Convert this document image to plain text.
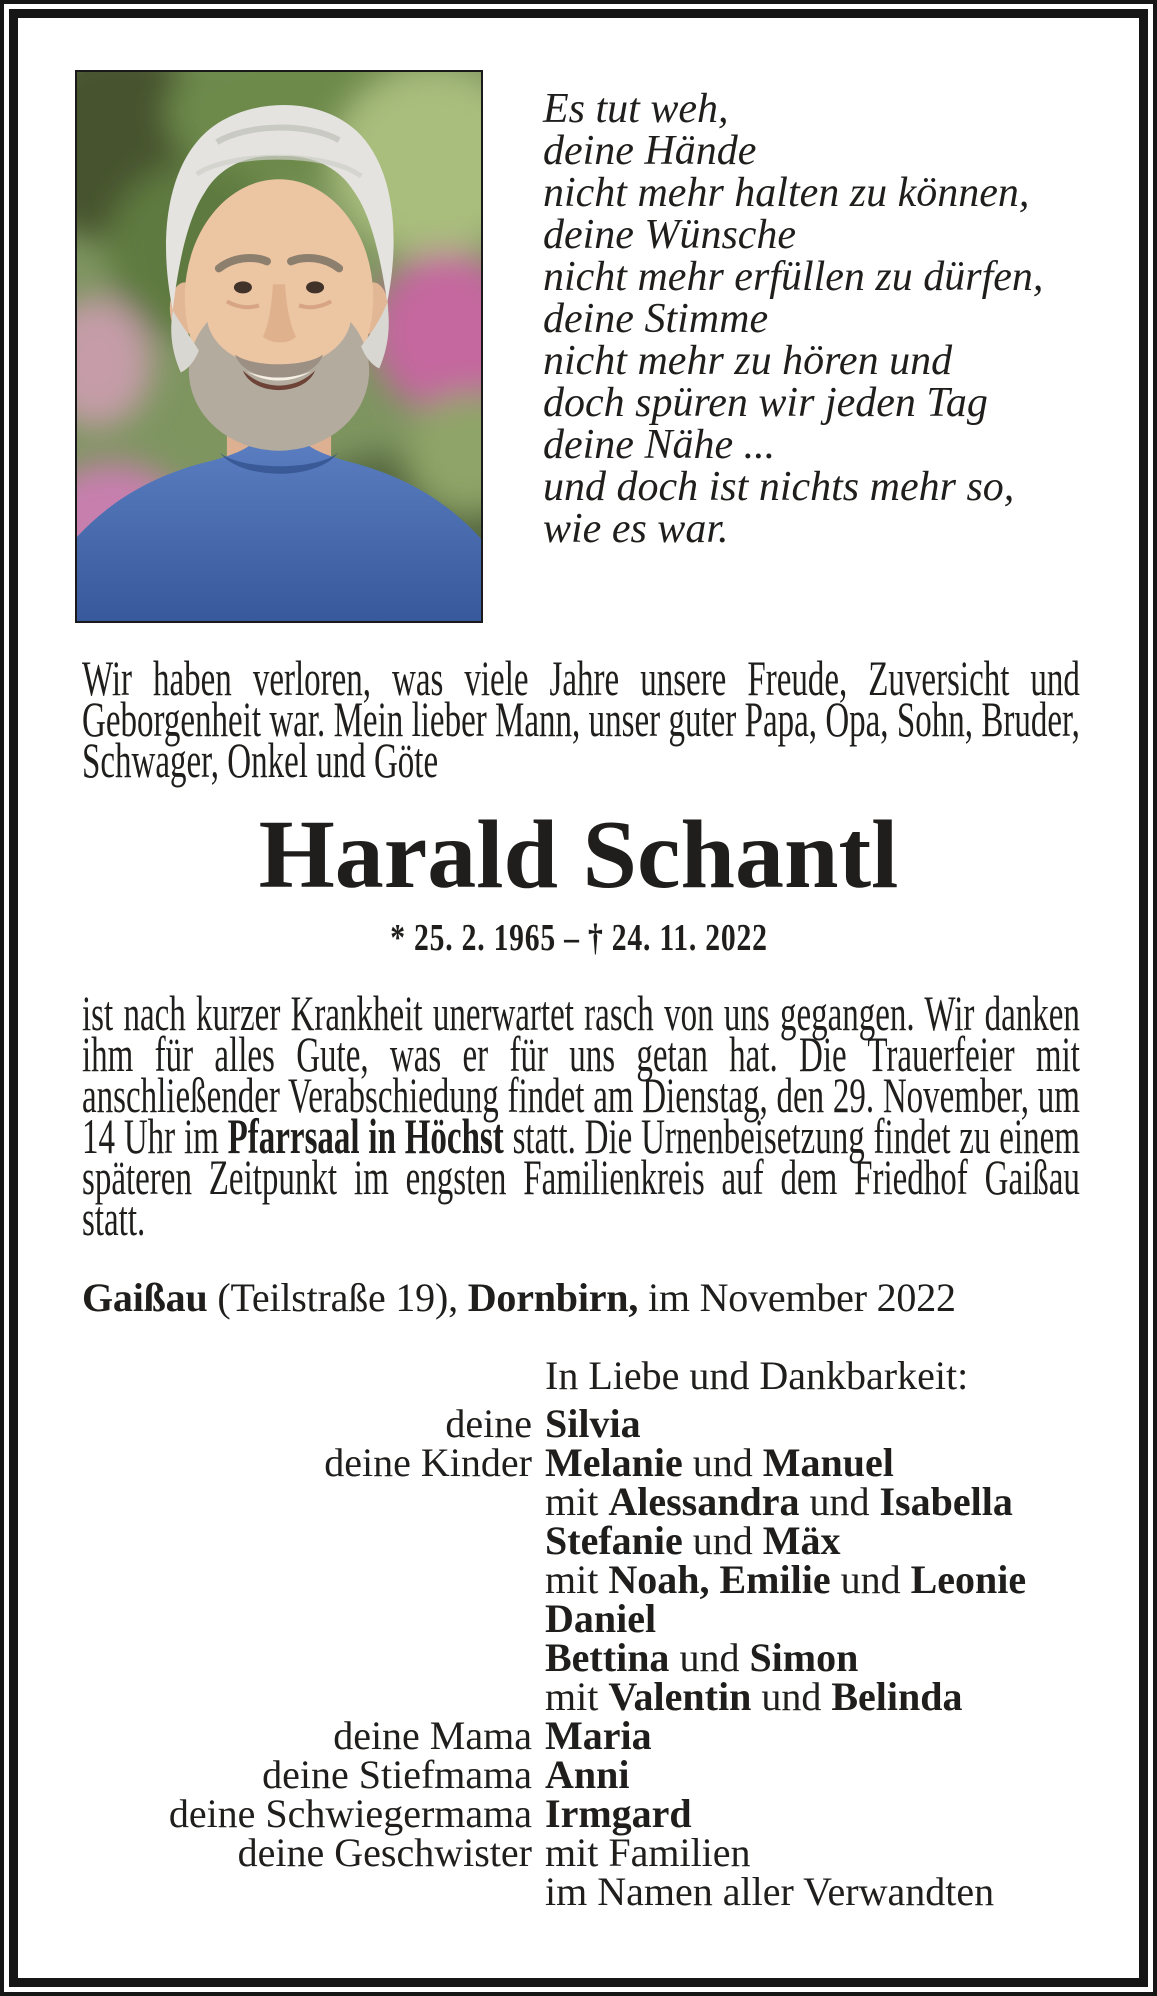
Es tut weh,
deine Hände
nicht mehr halten zu können,
deine Wünsche
nicht mehr erfüllen zu dürfen,
deine Stimme
nicht mehr zu hören und
doch spüren wir jeden Tag
deine Nähe ...
und doch ist nichts mehr so,
wie es war.
Wir haben verloren, was viele Jahre unsere Freude, Zuversicht und Geborgenheit war. Mein lieber Mann, unser guter Papa, Opa, Sohn, Bruder, Schwager, Onkel und Göte
Harald Schantl
* 25. 2. 1965 – † 24. 11. 2022
ist nach kurzer Krankheit unerwartet rasch von uns gegangen. Wir danken ihm für alles Gute, was er für uns getan hat. Die Trauerfeier mit anschließender Verabschiedung findet am Dienstag, den 29. November, um 14 Uhr im Pfarrsaal in Höchst statt. Die Urnenbeisetzung findet zu einem späteren Zeitpunkt im engsten Familienkreis auf dem Friedhof Gaißau statt.
Gaißau (Teilstraße 19), Dornbirn, im November 2022
In Liebe und Dankbarkeit:
deine Silvia
deine Kinder Melanie und Manuel
mit Alessandra und Isabella
Stefanie und Mäx
mit Noah, Emilie und Leonie
Daniel
Bettina und Simon
mit Valentin und Belinda
deine Mama Maria
deine Stiefmama Anni
deine Schwiegermama Irmgard
deine Geschwister mit Familien
im Namen aller Verwandten
